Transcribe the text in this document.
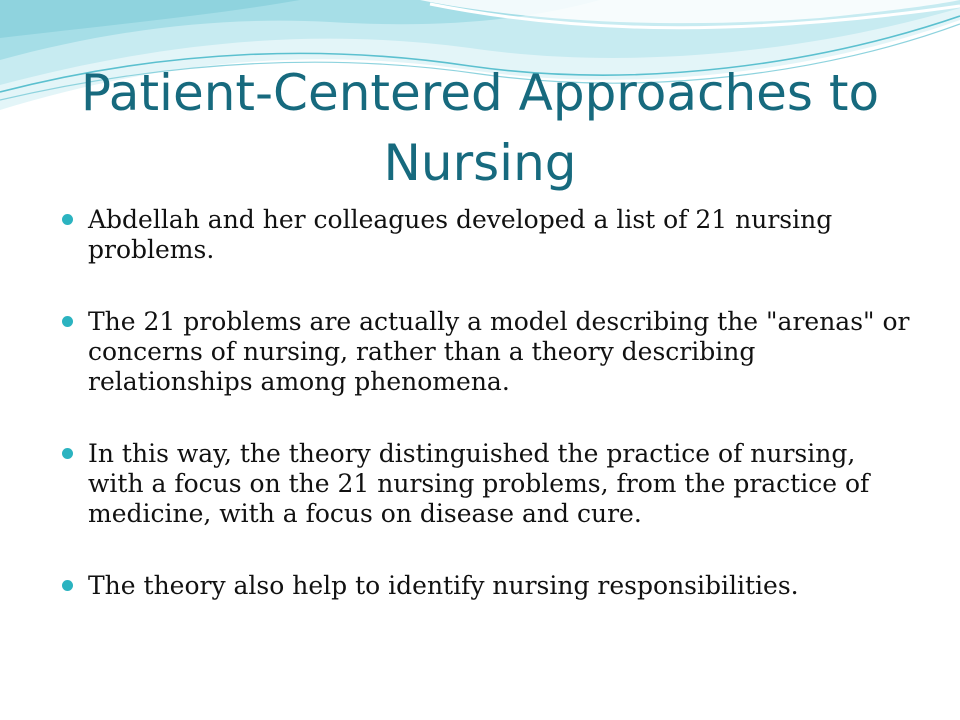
Patient-Centered Approaches to Nursing
Abdellah and her colleagues developed a list of 21 nursing problems.
The 21 problems are actually a model describing the "arenas" or concerns of nursing, rather than a theory describing relationships among phenomena.
In this way, the theory distinguished the practice of nursing, with a focus on the 21 nursing problems, from the practice of medicine, with a focus on disease and cure.
The theory also help to identify nursing responsibilities.
